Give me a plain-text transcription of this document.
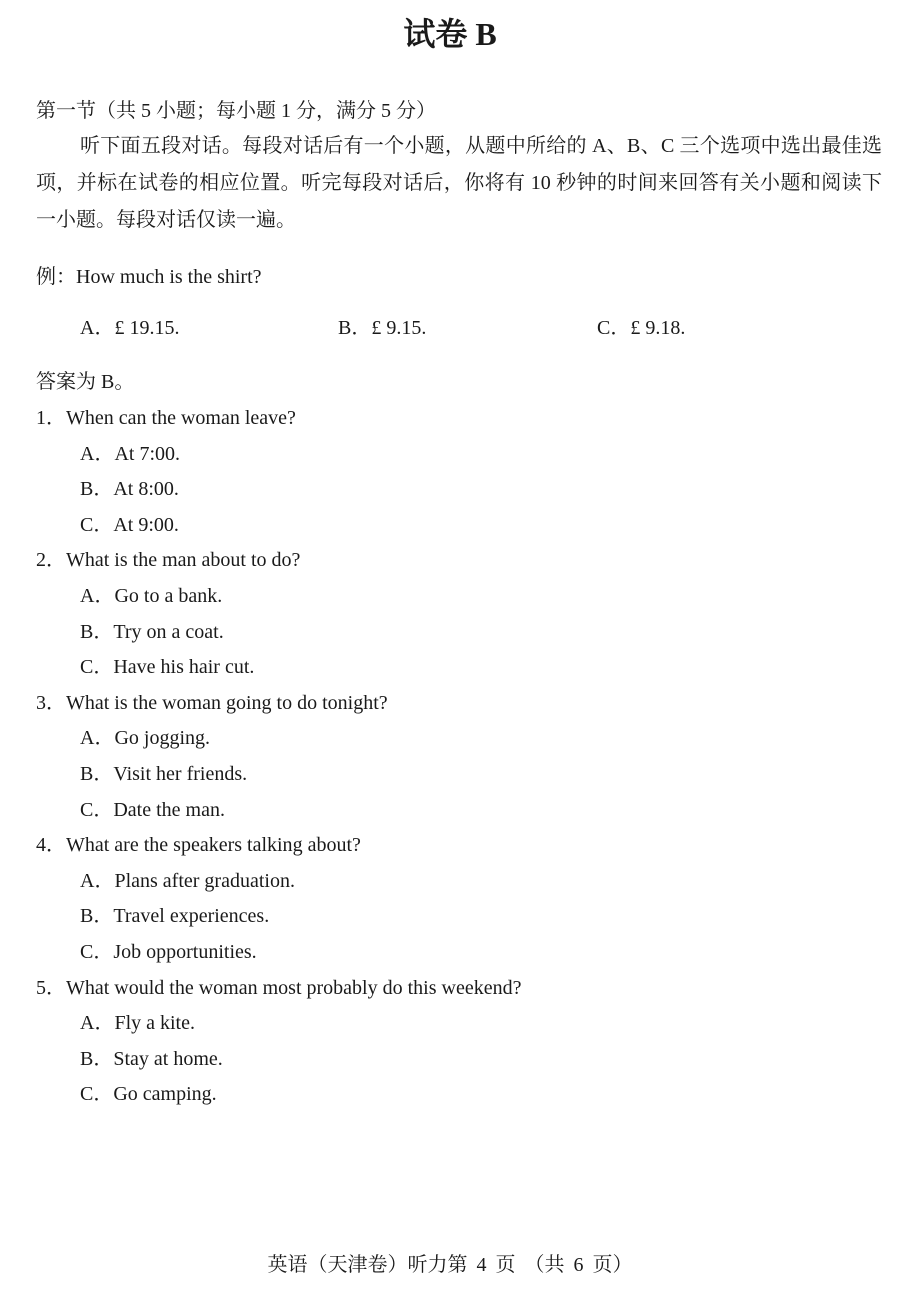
试卷 B
第一节（共 5 小题；每小题 1 分，满分 5 分）
听下面五段对话。每段对话后有一个小题，从题中所给的 A、B、C 三个选项中选出最佳选项，并标在试卷的相应位置。听完每段对话后，你将有 10 秒钟的时间来回答有关小题和阅读下一小题。每段对话仅读一遍。
例：How much is the shirt?
A．£ 19.15.	B．£ 9.15.	C．£ 9.18.
答案为 B。
1．When can the woman leave?
A．At 7:00.
B．At 8:00.
C．At 9:00.
2．What is the man about to do?
A．Go to a bank.
B．Try on a coat.
C．Have his hair cut.
3．What is the woman going to do tonight?
A．Go jogging.
B．Visit her friends.
C．Date the man.
4．What are the speakers talking about?
A．Plans after graduation.
B．Travel experiences.
C．Job opportunities.
5．What would the woman most probably do this weekend?
A．Fly a kite.
B．Stay at home.
C．Go camping.
英语（天津卷）听力第 4 页 （共 6 页）
